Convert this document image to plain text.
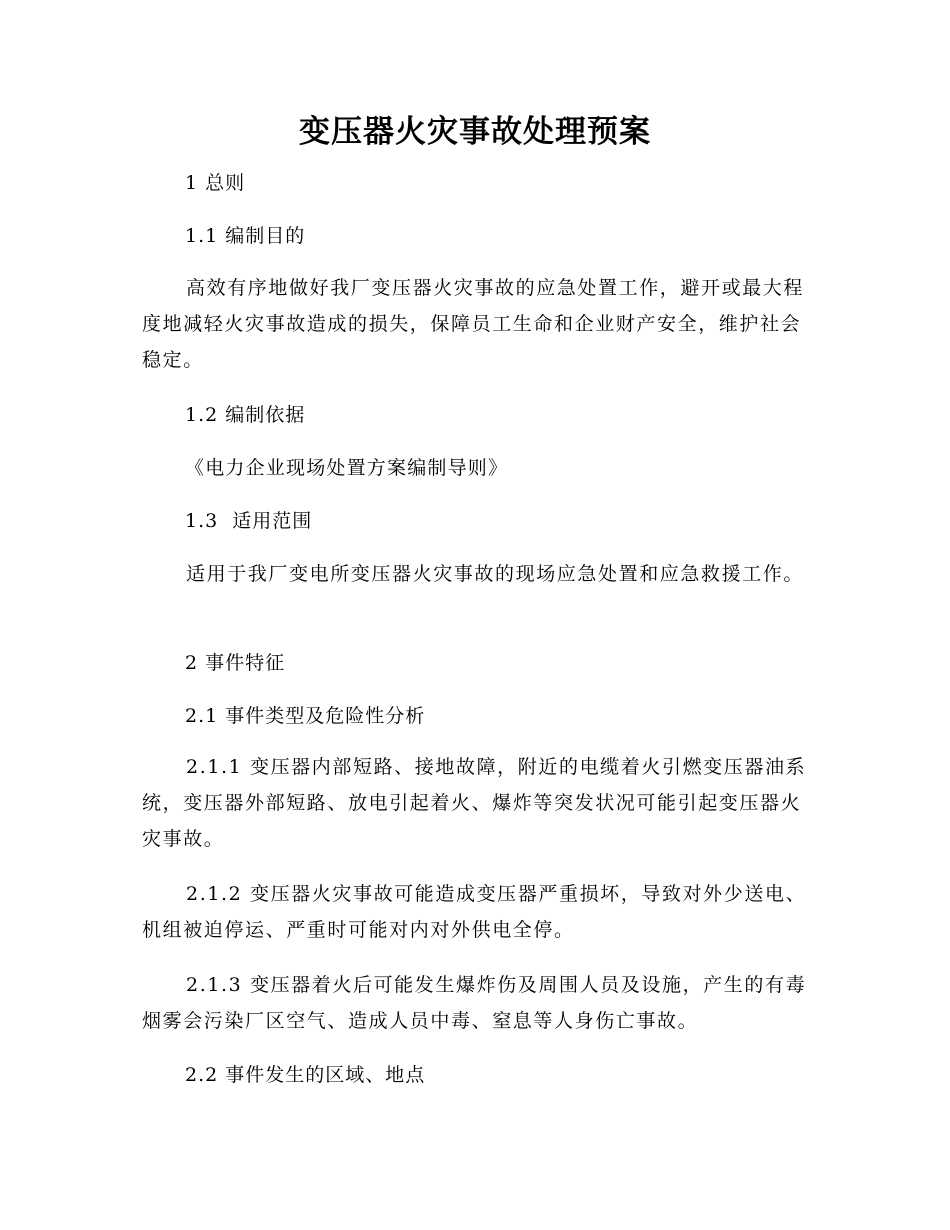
变压器火灾事故处理预案
1 总则
1.1 编制目的
高效有序地做好我厂变压器火灾事故的应急处置工作，避开或最大程度地减轻火灾事故造成的损失，保障员工生命和企业财产安全，维护社会稳定。
1.2 编制依据
《电力企业现场处置方案编制导则》
1.3  适用范围
适用于我厂变电所变压器火灾事故的现场应急处置和应急救援工作。
2 事件特征
2.1 事件类型及危险性分析
2.1.1 变压器内部短路、接地故障，附近的电缆着火引燃变压器油系统，变压器外部短路、放电引起着火、爆炸等突发状况可能引起变压器火灾事故。
2.1.2 变压器火灾事故可能造成变压器严重损坏，导致对外少送电、机组被迫停运、严重时可能对内对外供电全停。
2.1.3 变压器着火后可能发生爆炸伤及周围人员及设施，产生的有毒烟雾会污染厂区空气、造成人员中毒、窒息等人身伤亡事故。
2.2 事件发生的区域、地点
